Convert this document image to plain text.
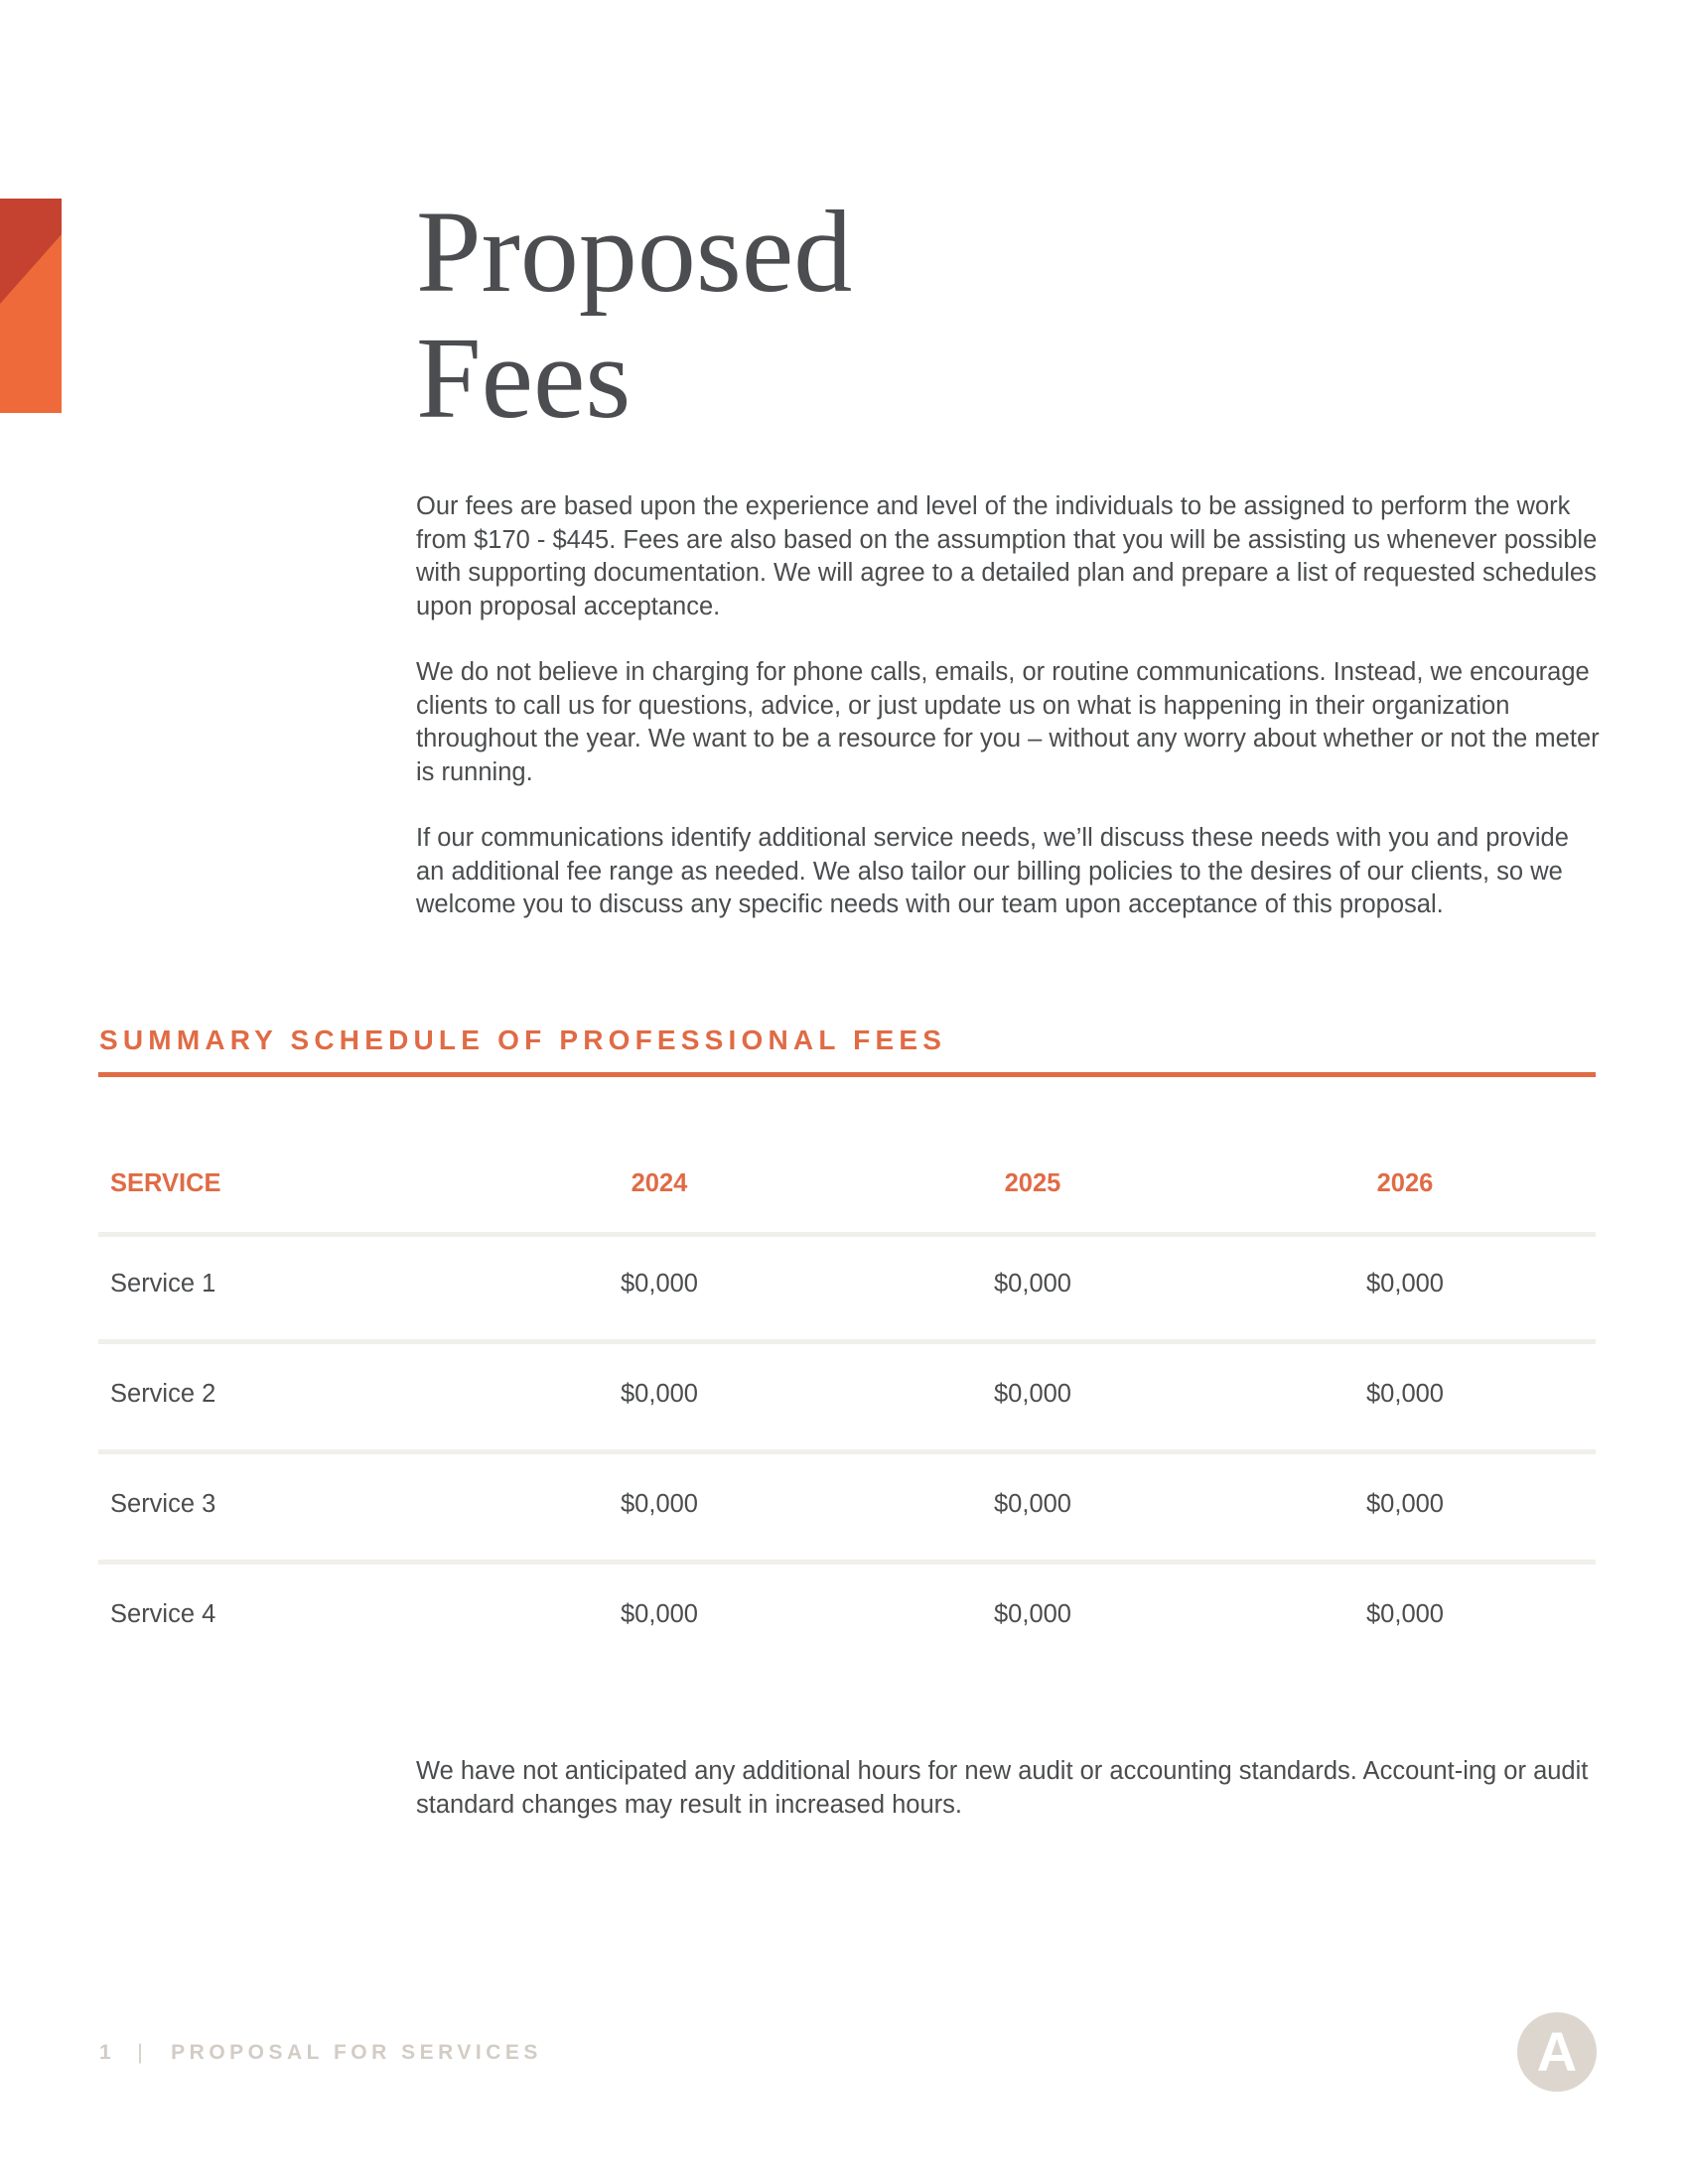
Proposed
Fees

Our fees are based upon the experience and level of the individuals to be assigned to perform the work from $170 - $445. Fees are also based on the assumption that you will be assisting us whenever possible with supporting documentation. We will agree to a detailed plan and prepare a list of requested schedules upon proposal acceptance.

We do not believe in charging for phone calls, emails, or routine communications. Instead, we encourage clients to call us for questions, advice, or just update us on what is happening in their organization throughout the year. We want to be a resource for you – without any worry about whether or not the meter is running.

If our communications identify additional service needs, we’ll discuss these needs with you and provide an additional fee range as needed. We also tailor our billing policies to the desires of our clients, so we welcome you to discuss any specific needs with our team upon acceptance of this proposal.

SUMMARY SCHEDULE OF PROFESSIONAL FEES
SERVICE	2024	2025	2026
Service 1	$0,000	$0,000	$0,000
Service 2	$0,000	$0,000	$0,000
Service 3	$0,000	$0,000	$0,000
Service 4	$0,000	$0,000	$0,000

We have not anticipated any additional hours for new audit or accounting standards. Account-ing or audit standard changes may result in increased hours.

1 | PROPOSAL FOR SERVICES	A
